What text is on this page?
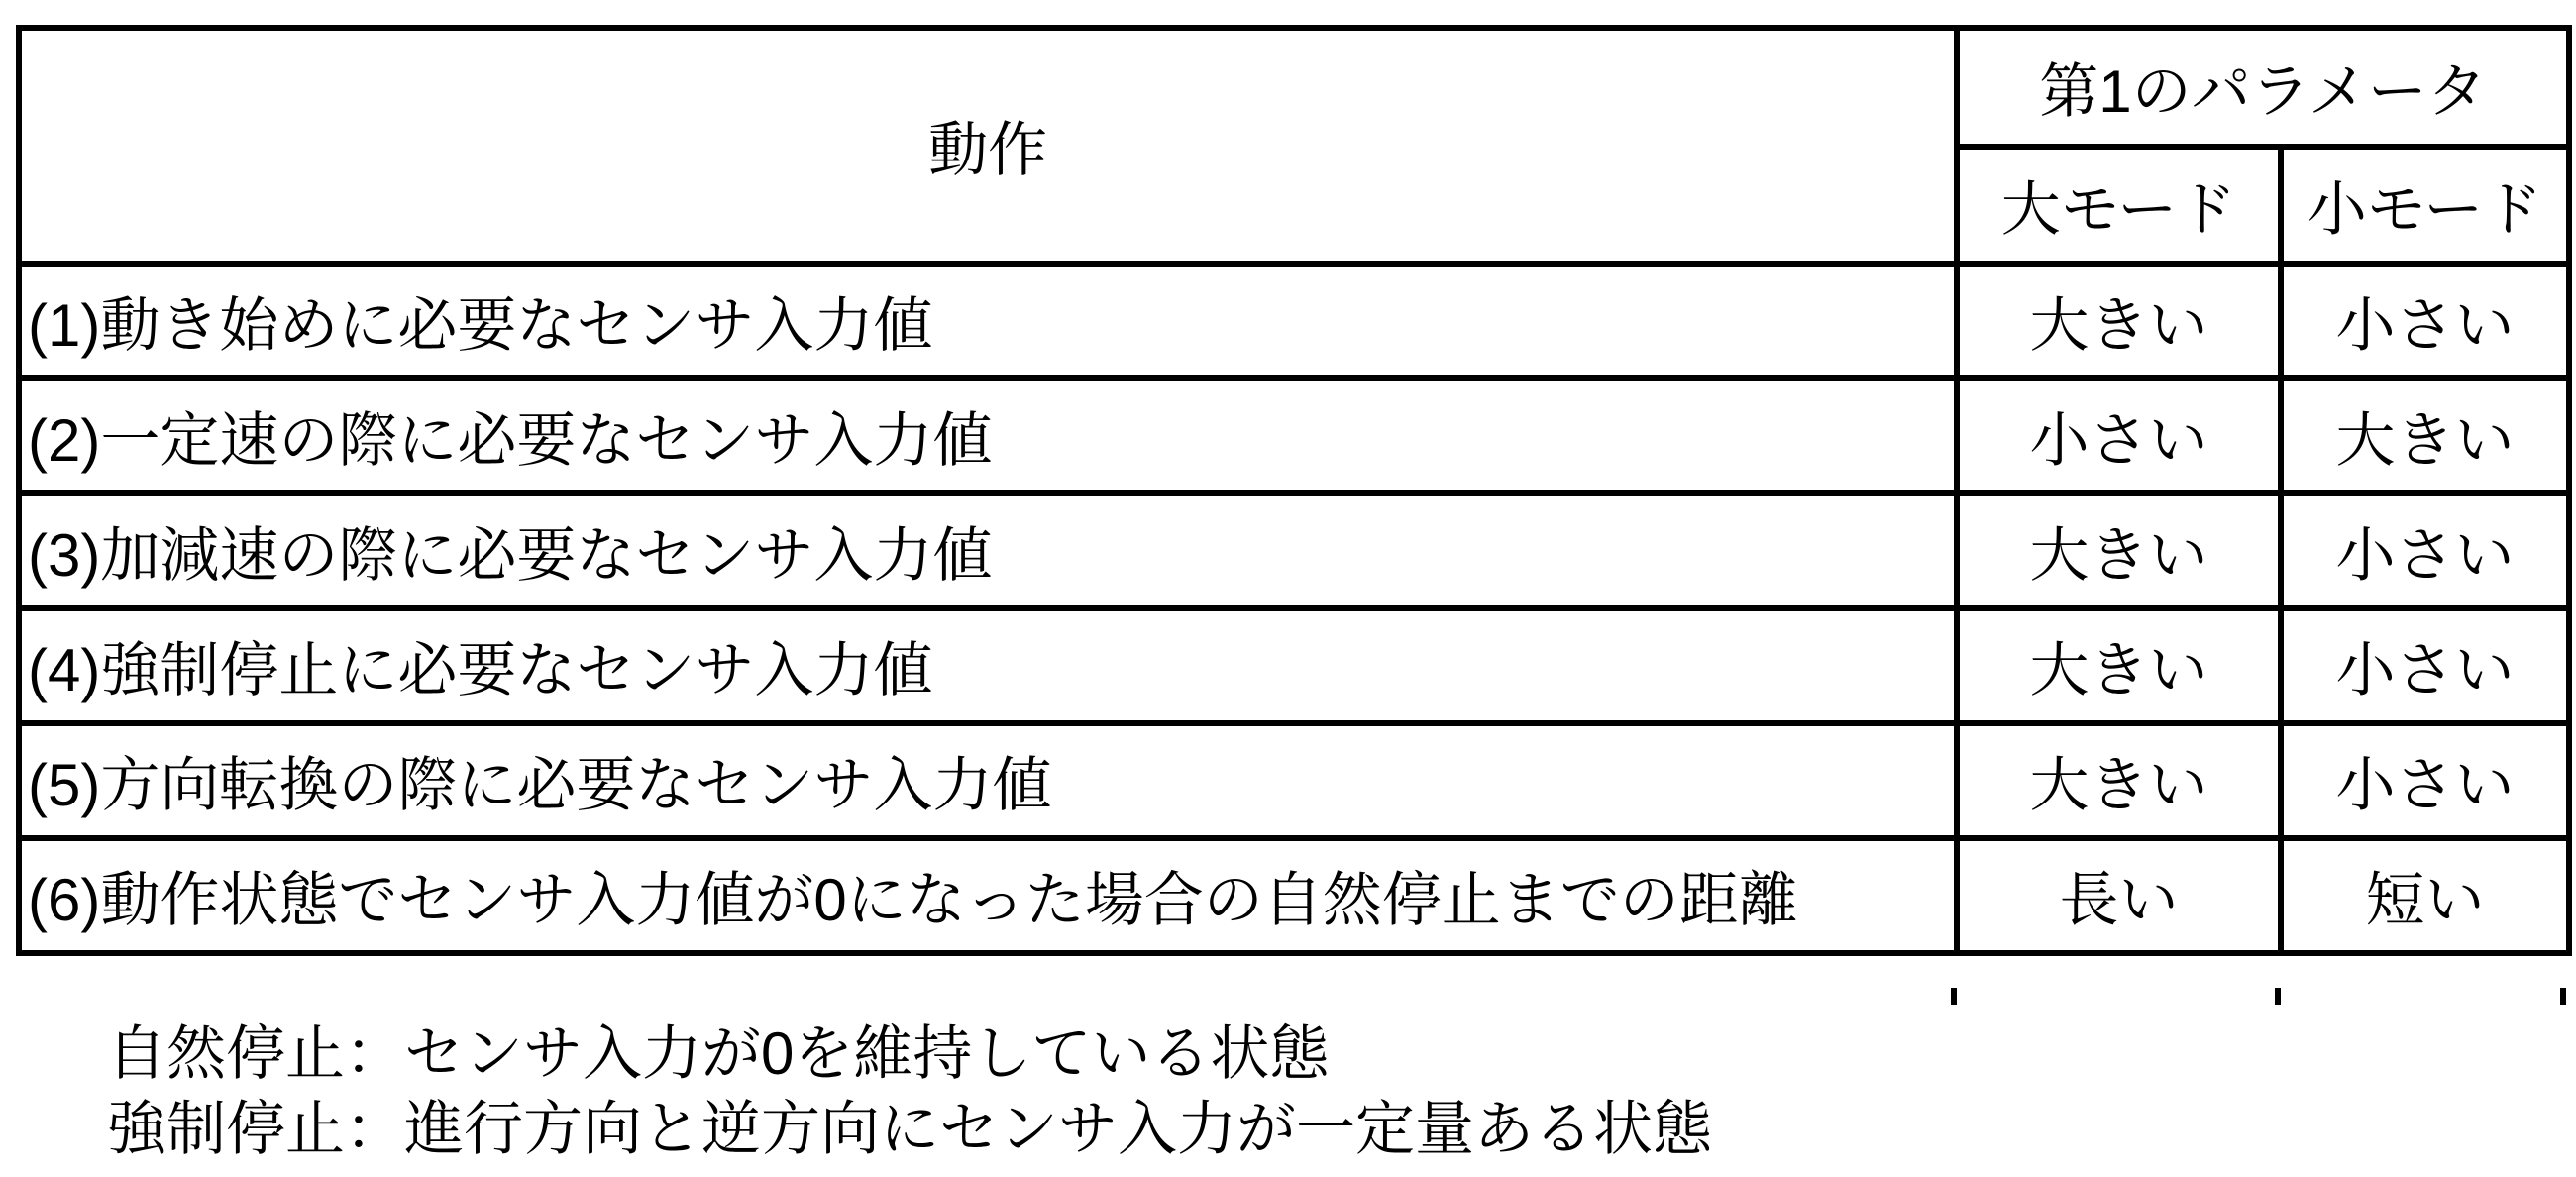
動作	第1のパラメータ	
	大モード	小モード
(1)動き始めに必要なセンサ入力値	大きい	小さい
(2)一定速の際に必要なセンサ入力値	小さい	大きい
(3)加減速の際に必要なセンサ入力値	大きい	小さい
(4)強制停止に必要なセンサ入力値	大きい	小さい
(5)方向転換の際に必要なセンサ入力値	大きい	小さい
(6)動作状態でセンサ入力値が0になった場合の自然停止までの距離	長い	短い
自然停止：センサ入力が0を維持している状態
強制停止：進行方向と逆方向にセンサ入力が一定量ある状態
